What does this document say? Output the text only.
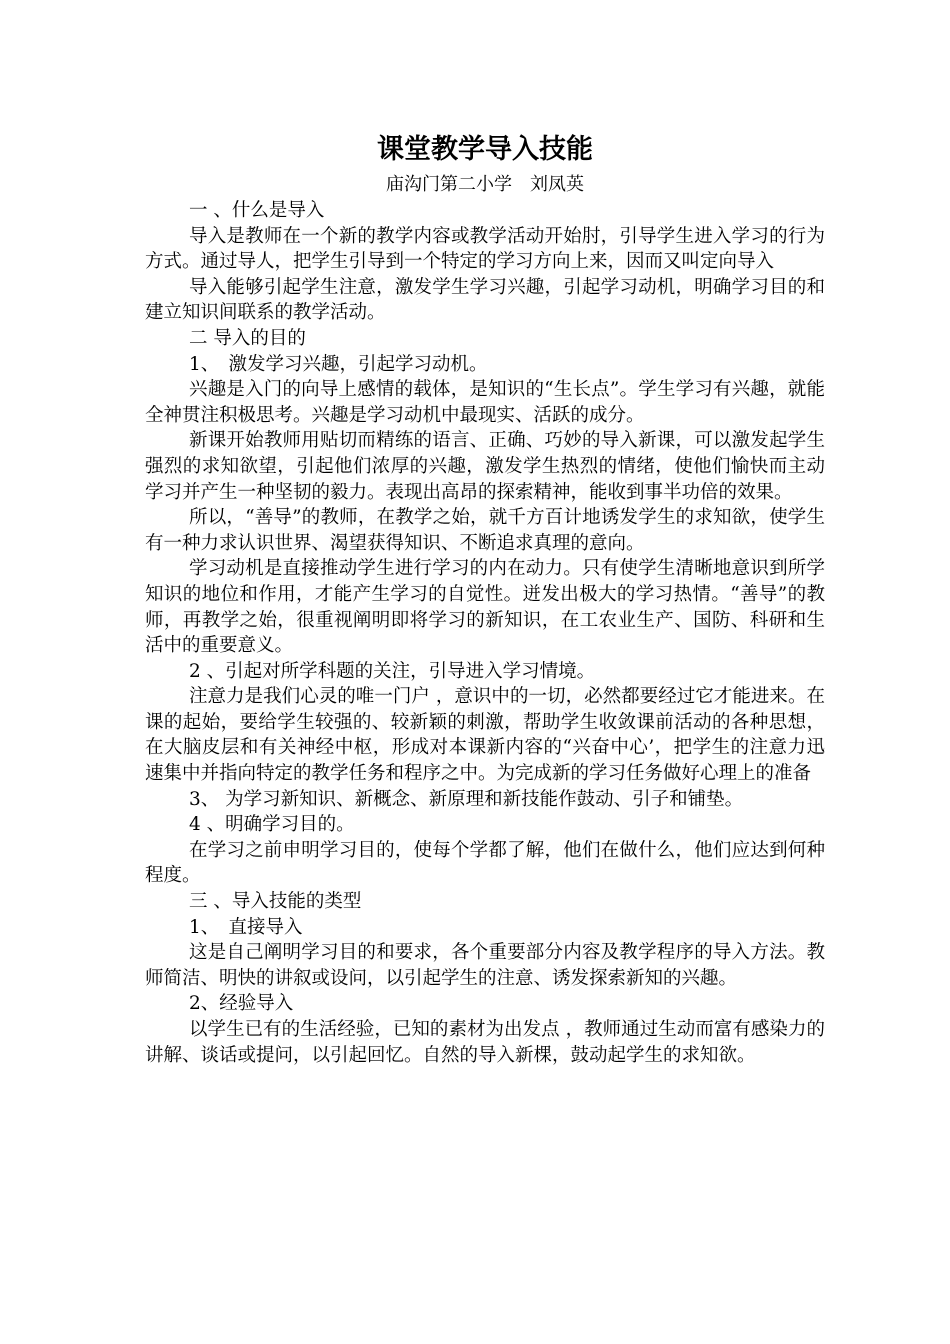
课堂教学导入技能
庙沟门第二小学　刘凤英

一 、什么是导入

导入是教师在一个新的教学内容或教学活动开始肘，引导学生进入学习的行为方式。通过导人，把学生引导到一个特定的学习方向上来，因而又叫定向导入

导入能够引起学生注意，激发学生学习兴趣，引起学习动机，明确学习目的和建立知识间联系的教学活动。

二 导入的目的

1、　激发学习兴趣，引起学习动机。

兴趣是入门的向导上感情的载体，是知识的“生长点”。学生学习有兴趣，就能全神贯注积极思考。兴趣是学习动机中最现实、活跃的成分。

新课开始教师用贴切而精练的语言、正确、巧妙的导入新课，可以激发起学生强烈的求知欲望，引起他们浓厚的兴趣，激发学生热烈的情绪，使他们愉快而主动学习并产生一种坚韧的毅力。表现出高昂的探索精神，能收到事半功倍的效果。

所以，“善导”的教师，在教学之始，就千方百计地诱发学生的求知欲，使学生有一种力求认识世界、渴望获得知识、不断追求真理的意向。

学习动机是直接推动学生进行学习的内在动力。只有使学生清晰地意识到所学知识的地位和作用，才能产生学习的自觉性。迸发出极大的学习热情。“善导”的教师，再教学之始，很重视阐明即将学习的新知识，在工农业生产、国防、科研和生活中的重要意义。

2 、引起对所学科题的关注，引导进入学习情境。

注意力是我们心灵的唯一门户 ，意识中的一切，必然都要经过它才能进来。在课的起始，要给学生较强的、较新颖的刺激，帮助学生收敛课前活动的各种思想，在大脑皮层和有关神经中枢，形成对本课新内容的“兴奋中心’，把学生的注意力迅速集中并指向特定的教学任务和程序之中。为完成新的学习任务做好心理上的准备

3、 为学习新知识、新概念、新原理和新技能作鼓动、引子和铺垫。

4 、明确学习目的。

在学习之前申明学习目的，使每个学都了解，他们在做什么，他们应达到何种程度。

三 、导入技能的类型

1、　直接导入

这是自己阐明学习目的和要求，各个重要部分内容及教学程序的导入方法。教师简洁、明快的讲叙或设问，以引起学生的注意、诱发探索新知的兴趣。

2、经验导入

以学生已有的生活经验，已知的素材为出发点 ，教师通过生动而富有感染力的讲解、谈话或提问，以引起回忆。自然的导入新棵，鼓动起学生的求知欲。
